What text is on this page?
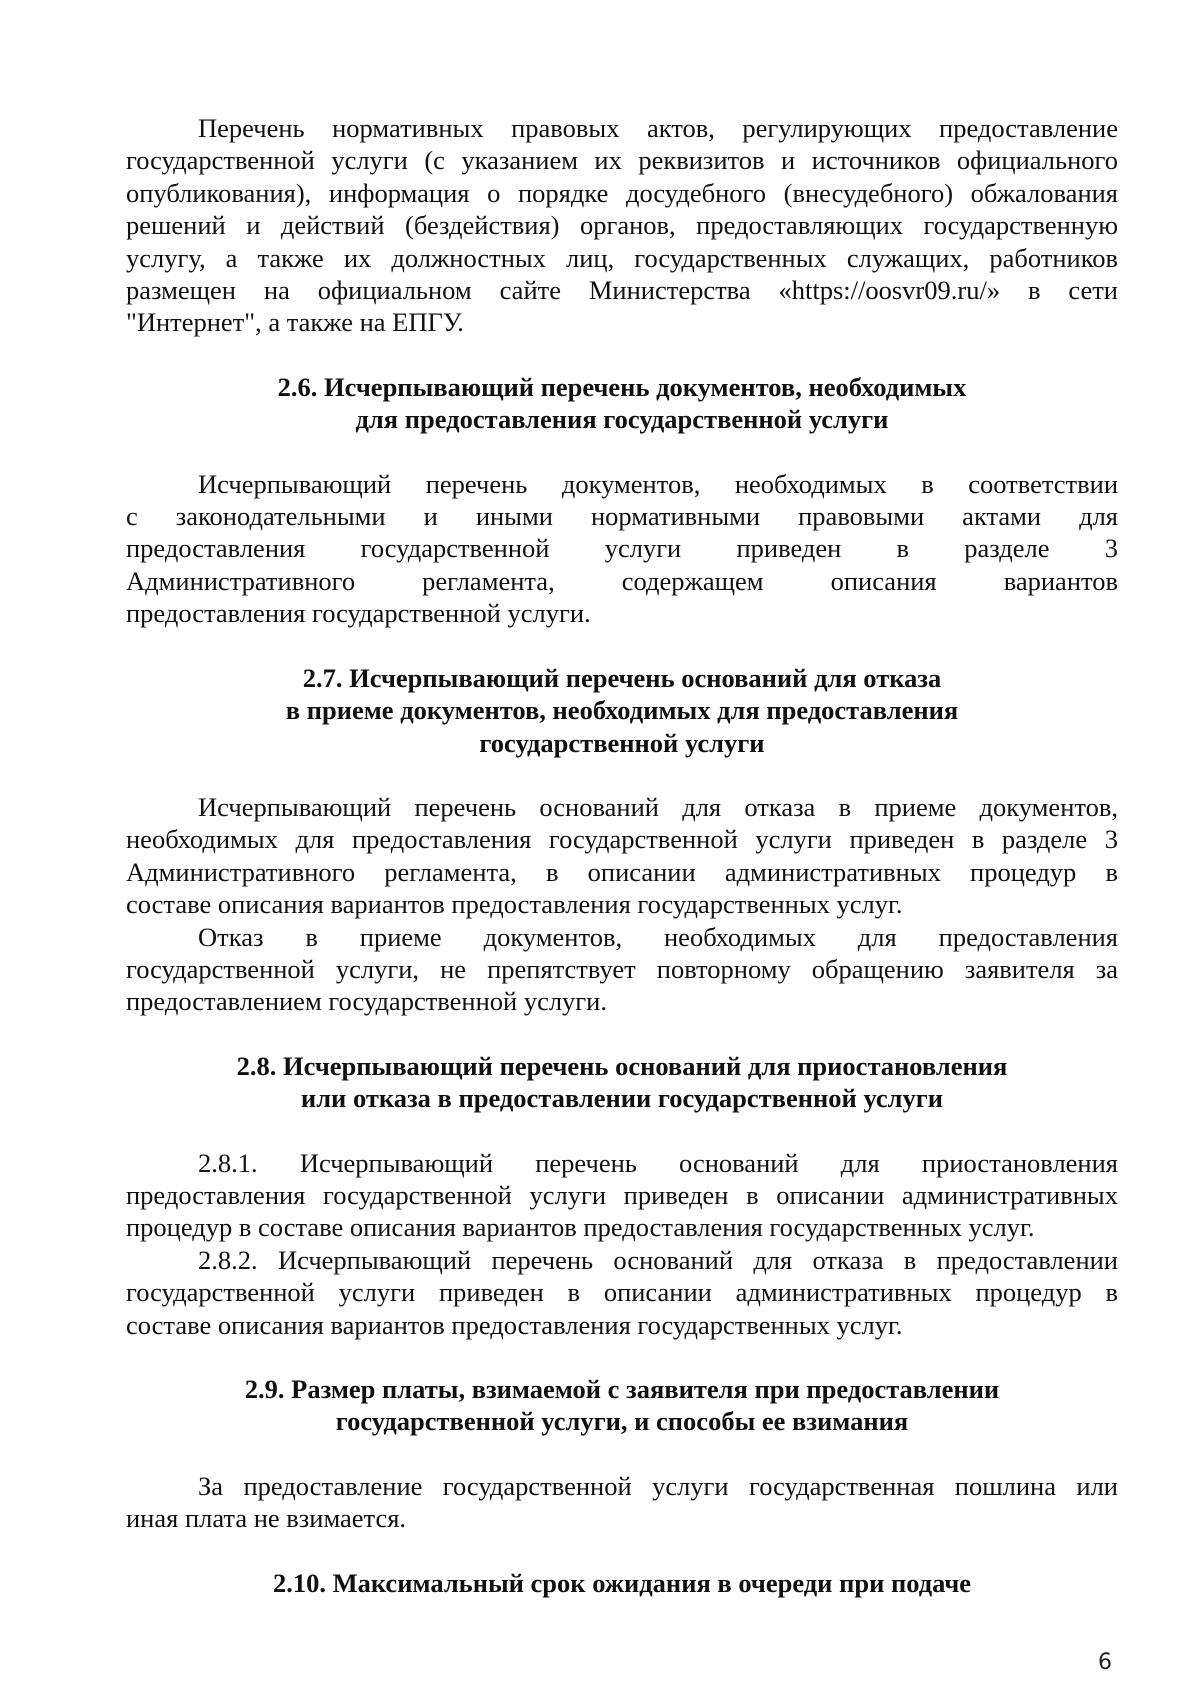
Перечень нормативных правовых актов, регулирующих предоставление
государственной услуги (с указанием их реквизитов и источников официального
опубликования), информация о порядке досудебного (внесудебного) обжалования
решений и действий (бездействия) органов, предоставляющих государственную
услугу, а также их должностных лиц, государственных служащих, работников
размещен на официальном сайте Министерства «https://oosvr09.ru/» в сети
"Интернет", а также на ЕПГУ.
2.6. Исчерпывающий перечень документов, необходимых
для предоставления государственной услуги
Исчерпывающий перечень документов, необходимых в соответствии
с законодательными и иными нормативными правовыми актами для
предоставления государственной услуги приведен в разделе 3
Административного регламента, содержащем описания вариантов
предоставления государственной услуги.
2.7. Исчерпывающий перечень оснований для отказа
в приеме документов, необходимых для предоставления
государственной услуги
Исчерпывающий перечень оснований для отказа в приеме документов,
необходимых для предоставления государственной услуги приведен в разделе 3
Административного регламента, в описании административных процедур в
составе описания вариантов предоставления государственных услуг.
Отказ в приеме документов, необходимых для предоставления
государственной услуги, не препятствует повторному обращению заявителя за
предоставлением государственной услуги.
2.8. Исчерпывающий перечень оснований для приостановления
или отказа в предоставлении государственной услуги
2.8.1. Исчерпывающий перечень оснований для приостановления
предоставления государственной услуги приведен в описании административных
процедур в составе описания вариантов предоставления государственных услуг.
2.8.2. Исчерпывающий перечень оснований для отказа в предоставлении
государственной услуги приведен в описании административных процедур в
составе описания вариантов предоставления государственных услуг.
2.9. Размер платы, взимаемой с заявителя при предоставлении
государственной услуги, и способы ее взимания
За предоставление государственной услуги государственная пошлина или
иная плата не взимается.
2.10. Максимальный срок ожидания в очереди при подаче
6
